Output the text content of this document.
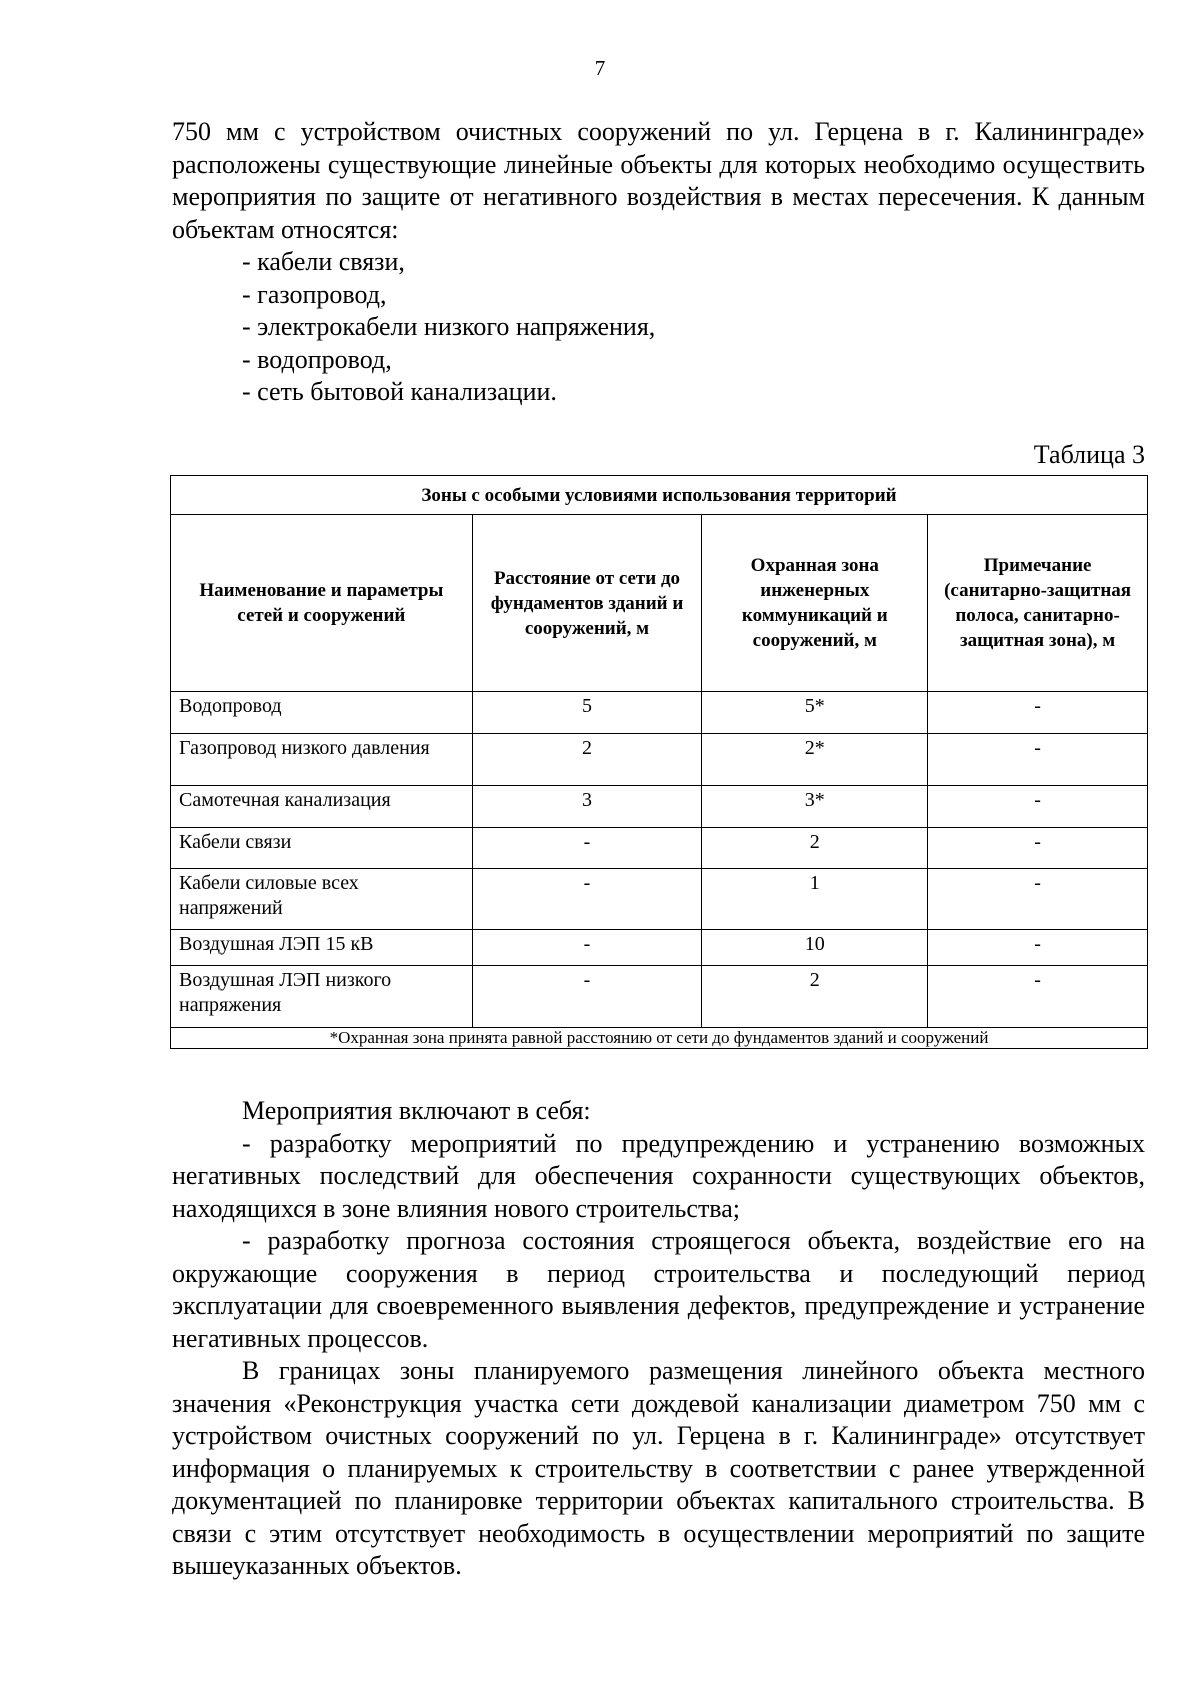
7

750 мм с устройством очистных сооружений по ул. Герцена в г. Калининграде» расположены существующие линейные объекты для которых необходимо осуществить мероприятия по защите от негативного воздействия в местах пересечения. К данным объектам относятся:

- кабели связи,
- газопровод,
- электрокабели низкого напряжения,
- водопровод,
- сеть бытовой канализации.
Таблица 3
Зоны с особыми условиями использования территорий			
Наименование и параметры сетей и сооружений	Расстояние от сети до фундаментов зданий и сооружений, м	Охранная зона инженерных коммуникаций и сооружений, м	Примечание (санитарно-защитная полоса, санитарно-защитная зона), м
Водопровод	5	5*	-
Газопровод низкого давления	2	2*	-
Самотечная канализация	3	3*	-
Кабели связи	-	2	-
Кабели силовые всех напряжений	-	1	-
Воздушная ЛЭП 15 кВ	-	10	-
Воздушная ЛЭП низкого напряжения	-	2	-
*Охранная зона принята равной расстоянию от сети до фундаментов зданий и сооружений			

Мероприятия включают в себя:

- разработку мероприятий по предупреждению и устранению возможных негативных последствий для обеспечения сохранности существующих объектов, находящихся в зоне влияния нового строительства;

- разработку прогноза состояния строящегося объекта, воздействие его на окружающие сооружения в период строительства и последующий период эксплуатации для своевременного выявления дефектов, предупреждение и устранение негативных процессов.

В границах зоны планируемого размещения линейного объекта местного значения «Реконструкция участка сети дождевой канализации диаметром 750 мм с устройством очистных сооружений по ул. Герцена в г. Калининграде» отсутствует информация о планируемых к строительству в соответствии с ранее утвержденной документацией по планировке территории объектах капитального строительства. В связи с этим отсутствует необходимость в осуществлении мероприятий по защите вышеуказанных объектов.
